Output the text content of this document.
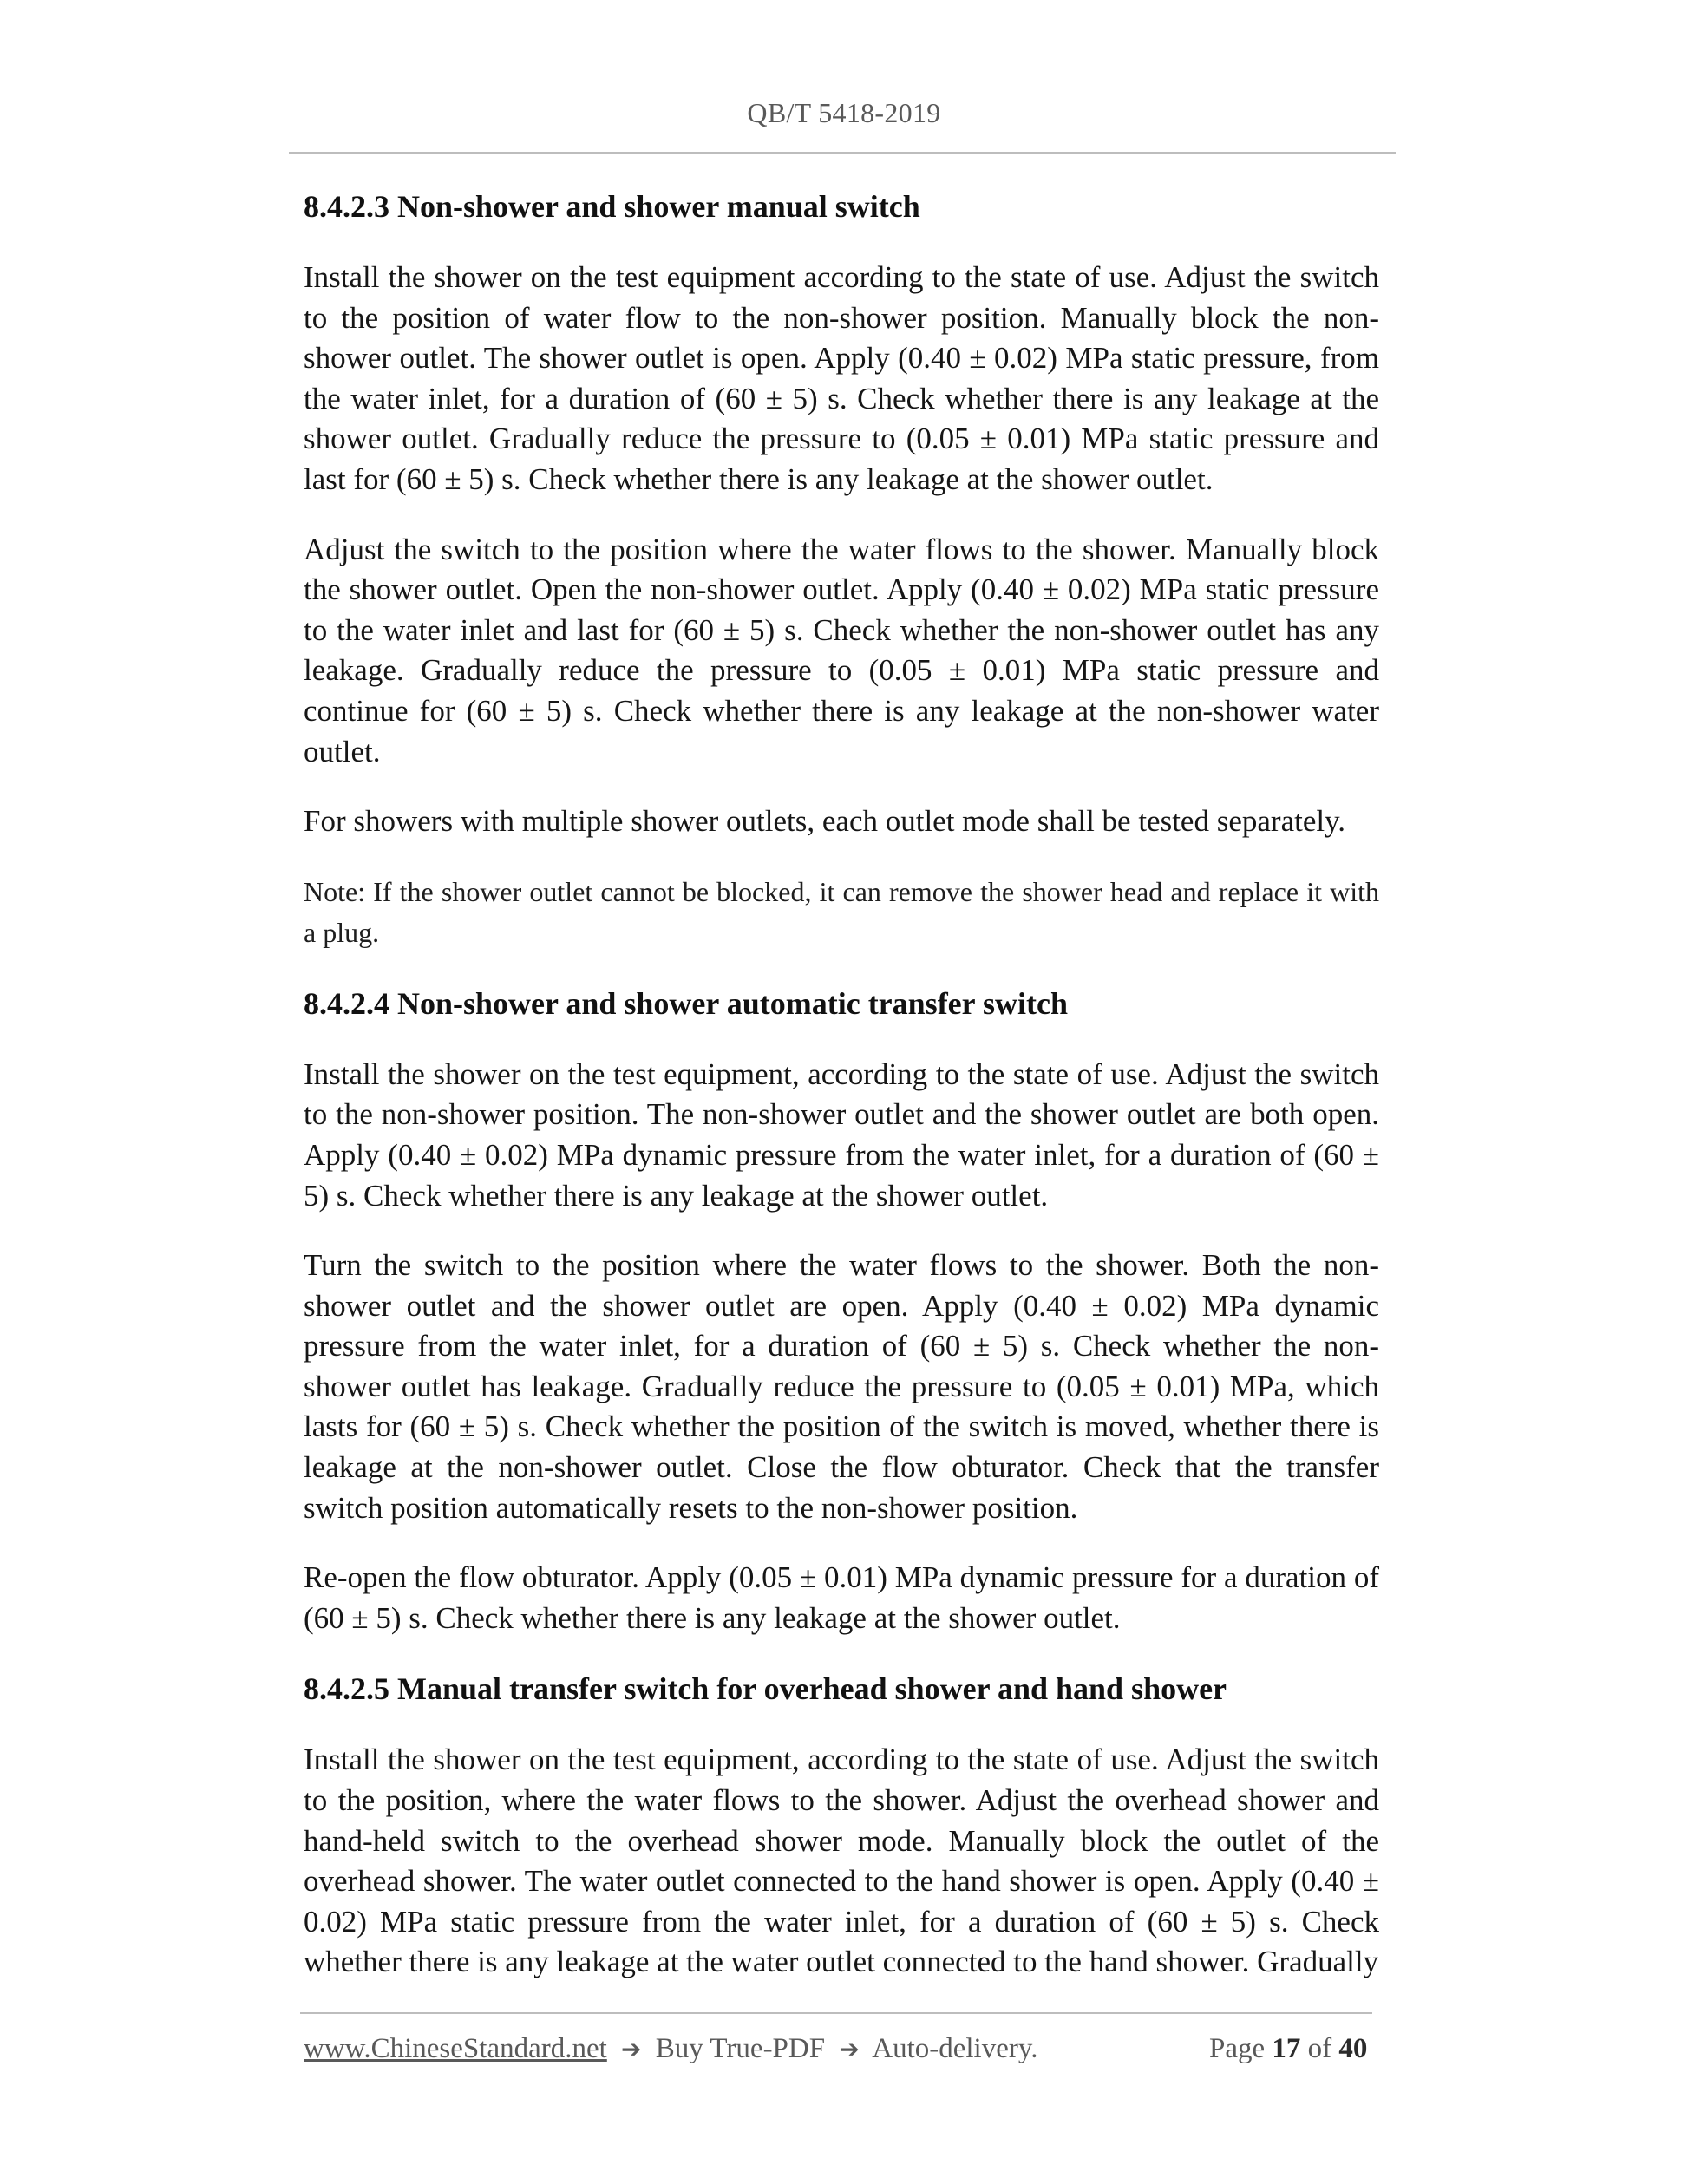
QB/T 5418-2019
8.4.2.3 Non-shower and shower manual switch

Install the shower on the test equipment according to the state of use. Adjust the switch to the position of water flow to the non-shower position. Manually block the non-shower outlet. The shower outlet is open. Apply (0.40 ± 0.02) MPa static pressure, from the water inlet, for a duration of (60 ± 5) s. Check whether there is any leakage at the shower outlet. Gradually reduce the pressure to (0.05 ± 0.01) MPa static pressure and last for (60 ± 5) s. Check whether there is any leakage at the shower outlet.

Adjust the switch to the position where the water flows to the shower. Manually block the shower outlet. Open the non-shower outlet. Apply (0.40 ± 0.02) MPa static pressure to the water inlet and last for (60 ± 5) s. Check whether the non-shower outlet has any leakage. Gradually reduce the pressure to (0.05 ± 0.01) MPa static pressure and continue for (60 ± 5) s. Check whether there is any leakage at the non-shower water outlet.

For showers with multiple shower outlets, each outlet mode shall be tested separately.

Note: If the shower outlet cannot be blocked, it can remove the shower head and replace it with a plug.

8.4.2.4 Non-shower and shower automatic transfer switch

Install the shower on the test equipment, according to the state of use. Adjust the switch to the non-shower position. The non-shower outlet and the shower outlet are both open. Apply (0.40 ± 0.02) MPa dynamic pressure from the water inlet, for a duration of (60 ± 5) s. Check whether there is any leakage at the shower outlet.

Turn the switch to the position where the water flows to the shower. Both the non-shower outlet and the shower outlet are open. Apply (0.40 ± 0.02) MPa dynamic pressure from the water inlet, for a duration of (60 ± 5) s. Check whether the non-shower outlet has leakage. Gradually reduce the pressure to (0.05 ± 0.01) MPa, which lasts for (60 ± 5) s. Check whether the position of the switch is moved, whether there is leakage at the non-shower outlet. Close the flow obturator. Check that the transfer switch position automatically resets to the non-shower position.

Re-open the flow obturator. Apply (0.05 ± 0.01) MPa dynamic pressure for a duration of (60 ± 5) s. Check whether there is any leakage at the shower outlet.

8.4.2.5 Manual transfer switch for overhead shower and hand shower

Install the shower on the test equipment, according to the state of use. Adjust the switch to the position, where the water flows to the shower. Adjust the overhead shower and hand-held switch to the overhead shower mode. Manually block the outlet of the overhead shower. The water outlet connected to the hand shower is open. Apply (0.40 ± 0.02) MPa static pressure from the water inlet, for a duration of (60 ± 5) s. Check whether there is any leakage at the water outlet connected to the hand shower. Gradually

www.ChineseStandard.net ➔ Buy True-PDF ➔ Auto-delivery.	Page 17 of 40
